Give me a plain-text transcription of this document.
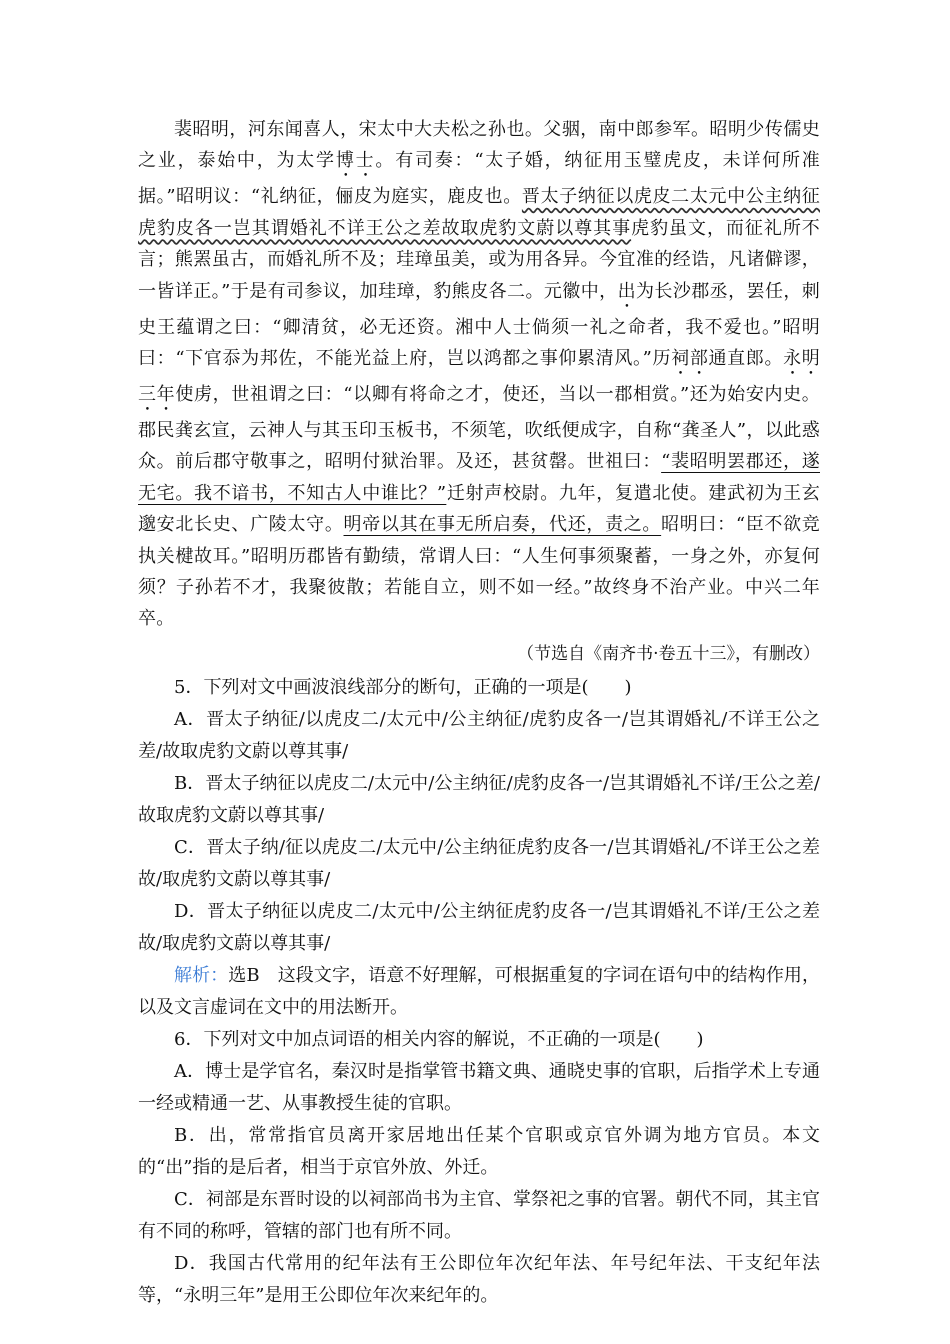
裴昭明，河东闻喜人，宋太中大夫松之孙也。父骃，南中郎参军。昭明少传儒史之业，泰始中，为太学博士。有司奏：“太子婚，纳征用玉璧虎皮，未详何所准据。”昭明议：“礼纳征，俪皮为庭实，鹿皮也。晋太子纳征以虎皮二太元中公主纳征虎豹皮各一岂其谓婚礼不详王公之差故取虎豹文蔚以尊其事虎豹虽文，而征礼所不言；熊罴虽古，而婚礼所不及；珪璋虽美，或为用各异。今宜准的经诰，凡诸僻谬，一皆详正。”于是有司参议，加珪璋，豹熊皮各二。元徽中，出为长沙郡丞，罢任，刺史王蕴谓之曰：“卿清贫，必无还资。湘中人士倘须一礼之命者，我不爱也。”昭明曰：“下官忝为邦佐，不能光益上府，岂以鸿都之事仰累清风。”历祠部通直郎。永明三年使虏，世祖谓之曰：“以卿有将命之才，使还，当以一郡相赏。”还为始安内史。郡民龚玄宣，云神人与其玉印玉板书，不须笔，吹纸便成字，自称“龚圣人”，以此惑众。前后郡守敬事之，昭明付狱治罪。及还，甚贫罄。世祖曰：“裴昭明罢郡还，遂无宅。我不谙书，不知古人中谁比？”迁射声校尉。九年，复遣北使。建武初为王玄邈安北长史、广陵太守。明帝以其在事无所启奏，代还，责之。昭明曰：“臣不欲竞执关楗故耳。”昭明历郡皆有勤绩，常谓人曰：“人生何事须聚蓄，一身之外，亦复何须？子孙若不才，我聚彼散；若能自立，则不如一经。”故终身不治产业。中兴二年卒。

（节选自《南齐书·卷五十三》，有删改）

5．下列对文中画波浪线部分的断句，正确的一项是(　　)

A．晋太子纳征/以虎皮二/太元中/公主纳征/虎豹皮各一/岂其谓婚礼/不详王公之差/故取虎豹文蔚以尊其事/

B．晋太子纳征以虎皮二/太元中/公主纳征/虎豹皮各一/岂其谓婚礼不详/王公之差/故取虎豹文蔚以尊其事/

C．晋太子纳/征以虎皮二/太元中/公主纳征虎豹皮各一/岂其谓婚礼/不详王公之差故/取虎豹文蔚以尊其事/

D．晋太子纳征以虎皮二/太元中/公主纳征虎豹皮各一/岂其谓婚礼不详/王公之差故/取虎豹文蔚以尊其事/

解析：选B　这段文字，语意不好理解，可根据重复的字词在语句中的结构作用，以及文言虚词在文中的用法断开。

6．下列对文中加点词语的相关内容的解说，不正确的一项是(　　)

A．博士是学官名，秦汉时是指掌管书籍文典、通晓史事的官职，后指学术上专通一经或精通一艺、从事教授生徒的官职。

B．出，常常指官员离开家居地出任某个官职或京官外调为地方官员。本文的“出”指的是后者，相当于京官外放、外迁。

C．祠部是东晋时设的以祠部尚书为主官、掌祭祀之事的官署。朝代不同，其主官有不同的称呼，管辖的部门也有所不同。

D．我国古代常用的纪年法有王公即位年次纪年法、年号纪年法、干支纪年法等，“永明三年”是用王公即位年次来纪年的。
